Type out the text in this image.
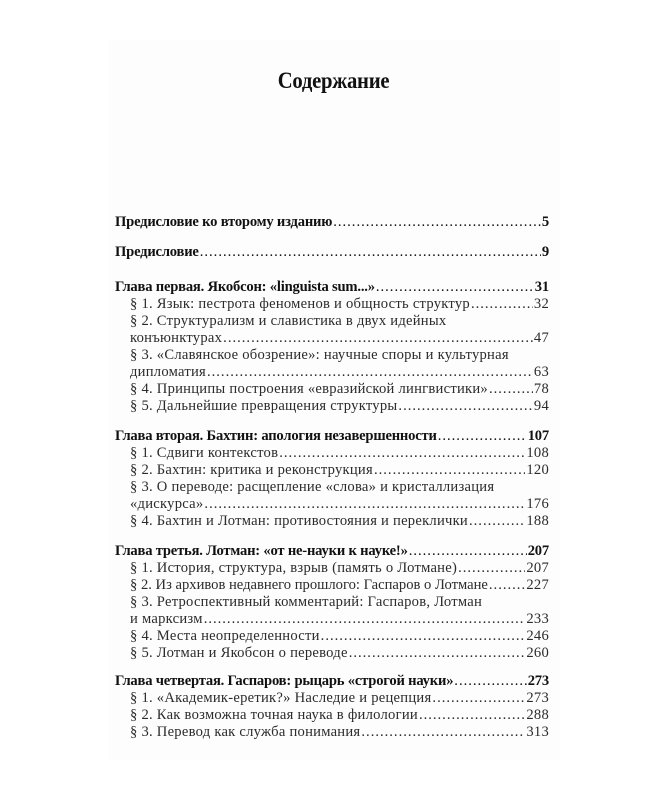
Содержание
Предисловие ко второму изданию .....	5
Предисловие .....	9
Глава первая. Якобсон: «linguista sum...» .....	31
§ 1. Язык: пестрота феноменов и общность структур .....	32
§ 2. Структурализм и славистика в двух идейных
конъюнктурах .....	47
§ 3. «Славянское обозрение»: научные споры и культурная
дипломатия .....	63
§ 4. Принципы построения «евразийской лингвистики» .....	78
§ 5. Дальнейшие превращения структуры .....	94
Глава вторая. Бахтин: апология незавершенности .....	107
§ 1. Сдвиги контекстов .....	108
§ 2. Бахтин: критика и реконструкция .....	120
§ 3. О переводе: расщепление «слова» и кристаллизация
«дискурса» .....	176
§ 4. Бахтин и Лотман: противостояния и переклички .....	188
Глава третья. Лотман: «от не-науки к науке!» .....	207
§ 1. История, структура, взрыв (память о Лотмане) .....	207
§ 2. Из архивов недавнего прошлого: Гаспаров о Лотмане .....	227
§ 3. Ретроспективный комментарий: Гаспаров, Лотман
и марксизм .....	233
§ 4. Места неопределенности .....	246
§ 5. Лотман и Якобсон о переводе .....	260
Глава четвертая. Гаспаров: рыцарь «строгой науки» .....	273
§ 1. «Академик-еретик?» Наследие и рецепция .....	273
§ 2. Как возможна точная наука в филологии .....	288
§ 3. Перевод как служба понимания .....	313
